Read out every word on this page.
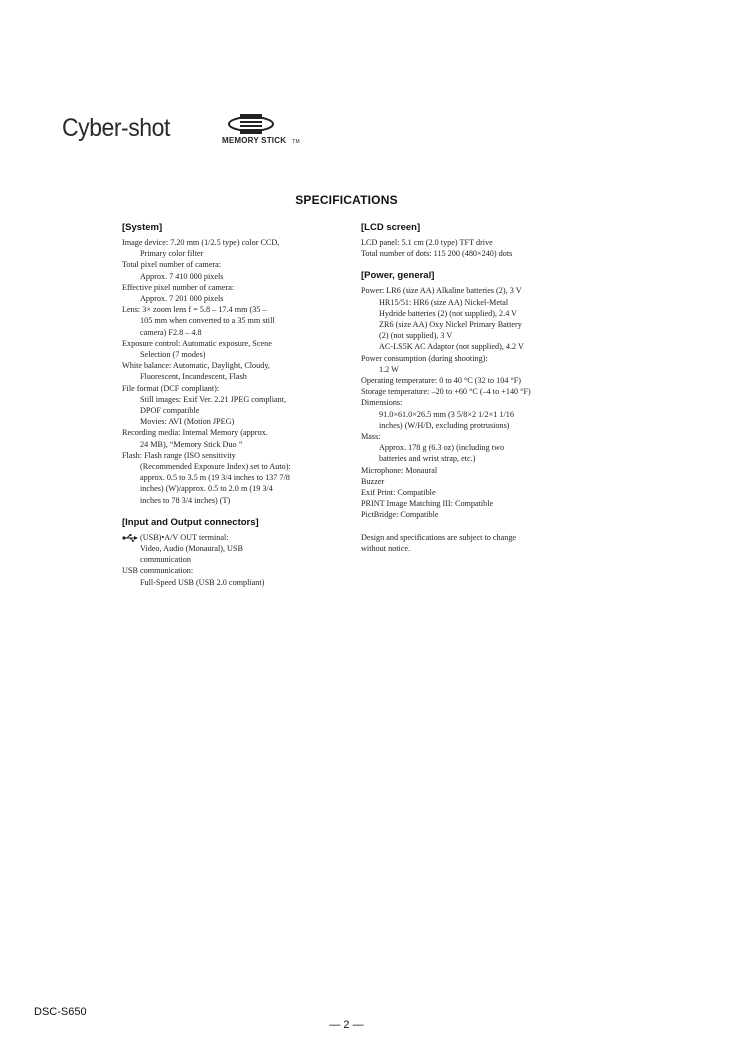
Cyber-shot	MEMORY STICK TM
SPECIFICATIONS
[System]
Image device: 7.20 mm (1/2.5 type) color CCD,
Primary color filter
Total pixel number of camera:
Approx. 7 410 000 pixels
Effective pixel number of camera:
Approx. 7 201 000 pixels
Lens: 3× zoom lens f = 5.8 – 17.4 mm (35 –
105 mm when converted to a 35 mm still
camera) F2.8 – 4.8
Exposure control: Automatic exposure, Scene
Selection (7 modes)
White balance: Automatic, Daylight, Cloudy,
Fluorescent, Incandescent, Flash
File format (DCF compliant):
Still images: Exif Ver. 2.21 JPEG compliant,
DPOF compatible
Movies: AVI (Motion JPEG)
Recording media: Internal Memory (approx.
24 MB), “Memory Stick Duo ”
Flash: Flash range (ISO sensitivity
(Recommended Exposure Index) set to Auto):
approx. 0.5 to 3.5 m (19 3/4 inches to 137 7/8
inches) (W)/approx. 0.5 to 2.0 m (19 3/4
inches to 78 3/4 inches) (T)
[Input and Output connectors]
(USB)•A/V OUT terminal:
Video, Audio (Monaural), USB
communication
USB communication:
Full-Speed USB (USB 2.0 compliant)
[LCD screen]
LCD panel: 5.1 cm (2.0 type) TFT drive
Total number of dots: 115 200 (480×240) dots
[Power, general]
Power: LR6 (size AA) Alkaline batteries (2), 3 V
HR15/51: HR6 (size AA) Nickel-Metal
Hydride batteries (2) (not supplied), 2.4 V
ZR6 (size AA) Oxy Nickel Primary Battery
(2) (not supplied), 3 V
AC-LS5K AC Adaptor (not supplied), 4.2 V
Power consumption (during shooting):
1.2 W
Operating temperature: 0 to 40 °C (32 to 104 °F)
Storage temperature: –20 to +60 °C (–4 to +140 °F)
Dimensions:
91.0×61.0×26.5 mm (3 5/8×2 1/2×1 1/16
inches) (W/H/D, excluding protrusions)
Mass:
Approx. 178 g (6.3 oz) (including two
batteries and wrist strap, etc.)
Microphone: Monaural
Buzzer
Exif Print: Compatible
PRINT Image Matching III: Compatible
PictBridge: Compatible
Design and specifications are subject to change
without notice.
DSC-S650
— 2 —
